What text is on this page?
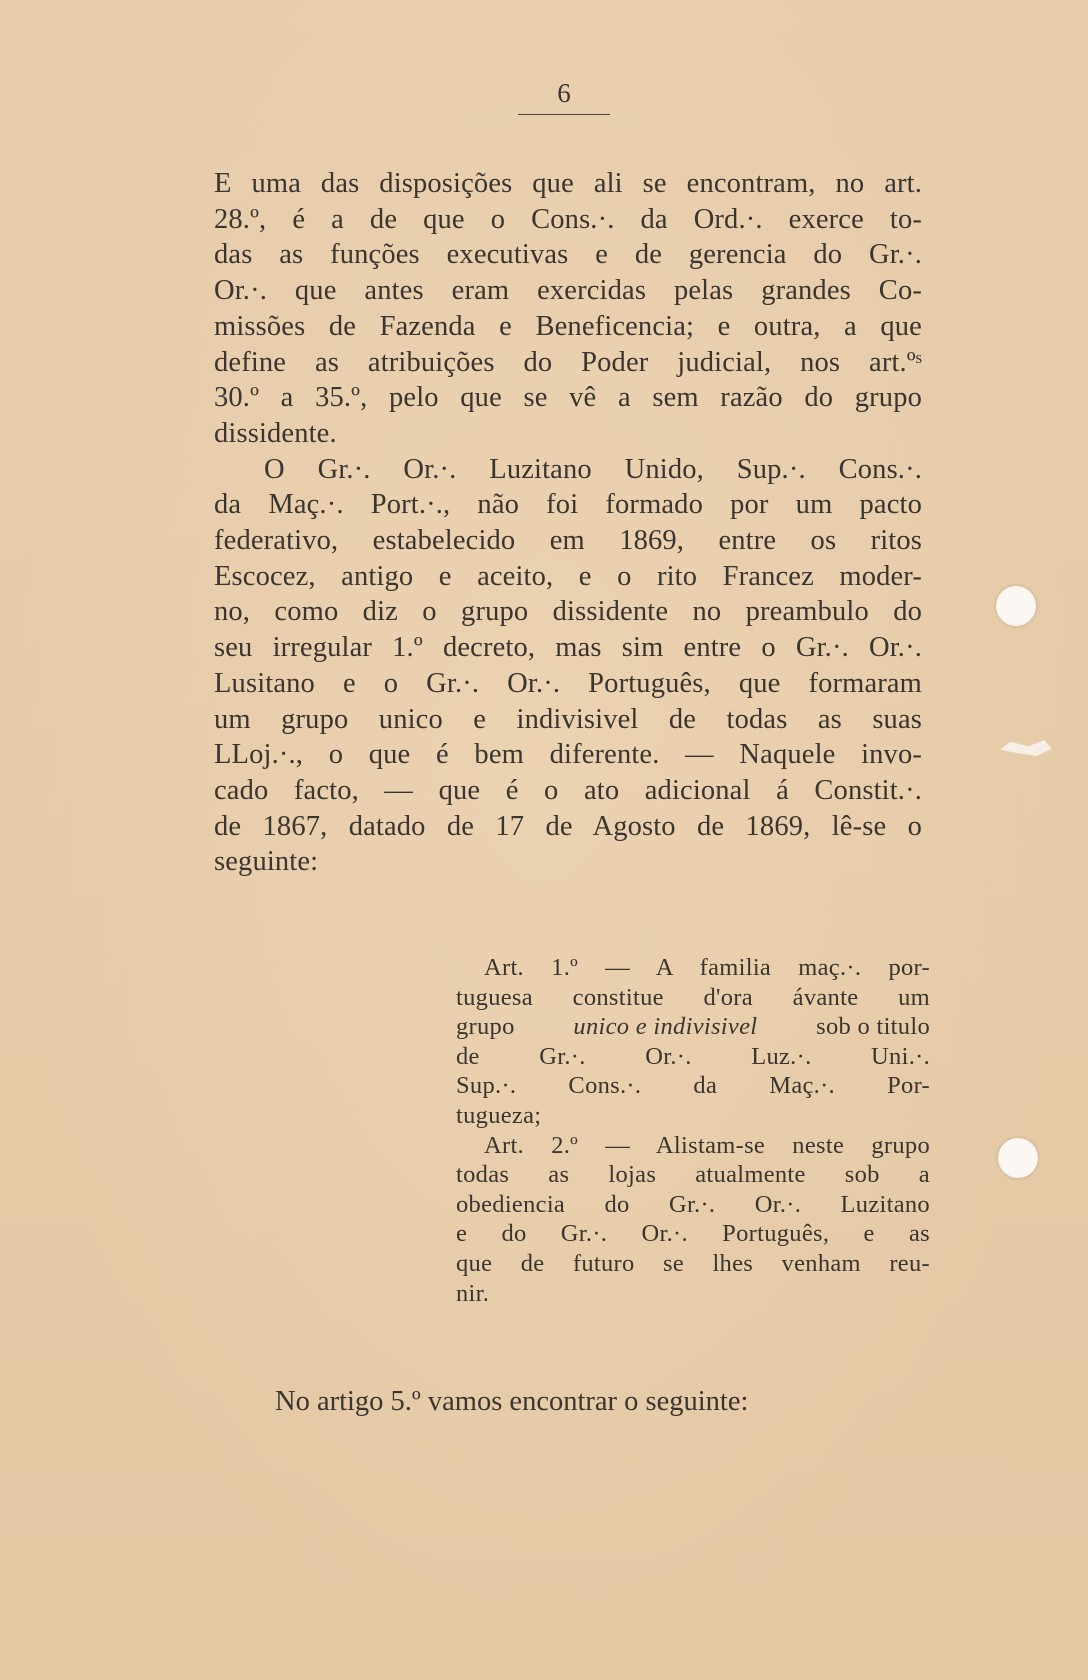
6
E uma das disposições que ali se encontram, no art.
28.º, é a de que o Cons.·. da Ord.·. exerce to-
das as funções executivas e de gerencia do Gr.·.
Or.·. que antes eram exercidas pelas grandes Co-
missões de Fazenda e Beneficencia; e outra, a que
define as atribuições do Poder judicial, nos art.ºˢ
30.º a 35.º, pelo que se vê a sem razão do grupo
dissidente.
O Gr.·. Or.·. Luzitano Unido, Sup.·. Cons.·.
da Maç.·. Port.·., não foi formado por um pacto
federativo, estabelecido em 1869, entre os ritos
Escocez, antigo e aceito, e o rito Francez moder-
no, como diz o grupo dissidente no preambulo do
seu irregular 1.º decreto, mas sim entre o Gr.·. Or.·.
Lusitano e o Gr.·. Or.·. Português, que formaram
um grupo unico e indivisivel de todas as suas
LLoj.·., o que é bem diferente. — Naquele invo-
cado facto, — que é o ato adicional á Constit.·.
de 1867, datado de 17 de Agosto de 1869, lê-se o
seguinte:
Art. 1.º — A familia maç.·. por-
tuguesa constitue d'ora ávante um
grupo unico e indivisivel sob o titulo
de Gr.·. Or.·. Luz.·. Uni.·.
Sup.·. Cons.·. da Maç.·. Por-
tugueza;
Art. 2.º — Alistam-se neste grupo
todas as lojas atualmente sob a
obediencia do Gr.·. Or.·. Luzitano
e do Gr.·. Or.·. Português, e as
que de futuro se lhes venham reu-
nir.
No artigo 5.º vamos encontrar o seguinte:
